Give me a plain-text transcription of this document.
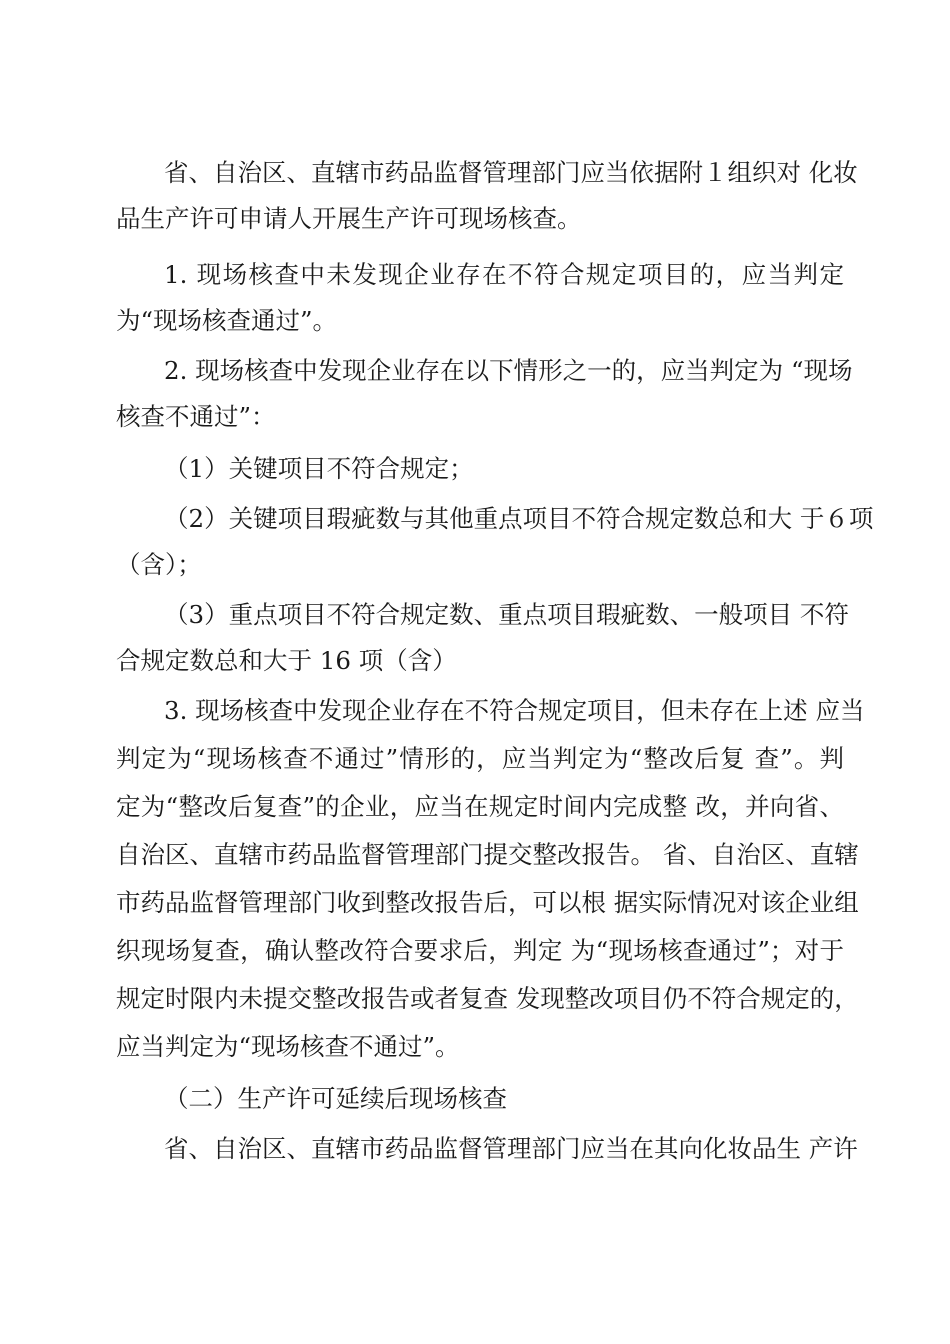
省、自治区、直辖市药品监督管理部门应当依据附１组织对 化妆
品生产许可申请人开展生产许可现场核查。
1. 现场核查中未发现企业存在不符合规定项目的，应当判定
为“现场核查通过”。
2. 现场核查中发现企业存在以下情形之一的，应当判定为 “现场
核查不通过”：
（1）关键项目不符合规定；
（2）关键项目瑕疵数与其他重点项目不符合规定数总和大 于６项
（含）；
（3）重点项目不符合规定数、重点项目瑕疵数、一般项目 不符
合规定数总和大于 16 项（含）
3. 现场核查中发现企业存在不符合规定项目，但未存在上述 应当
判定为“现场核查不通过”情形的，应当判定为“整改后复 查”。判
定为“整改后复查”的企业，应当在规定时间内完成整 改，并向省、
自治区、直辖市药品监督管理部门提交整改报告。 省、自治区、直辖
市药品监督管理部门收到整改报告后，可以根 据实际情况对该企业组
织现场复查，确认整改符合要求后，判定 为“现场核查通过”；对于
规定时限内未提交整改报告或者复查 发现整改项目仍不符合规定的，
应当判定为“现场核查不通过”。
（二）生产许可延续后现场核查
省、自治区、直辖市药品监督管理部门应当在其向化妆品生 产许
